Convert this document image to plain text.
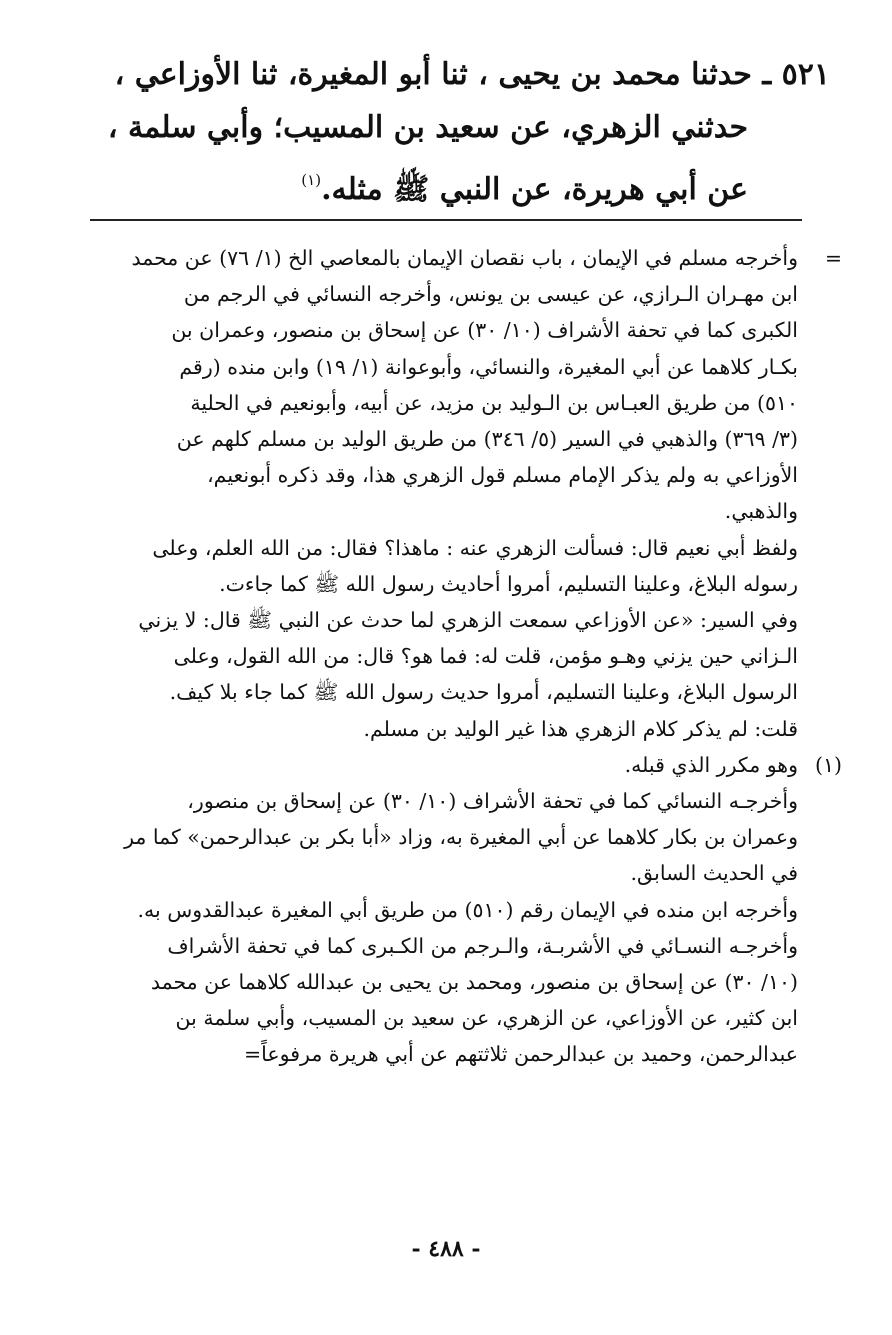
٥٢١ ـ حدثنا محمد بن يحيى ، ثنا أبو المغيرة، ثنا الأوزاعي ،
حدثني الزهري، عن سعيد بن المسيب؛ وأبي سلمة ،
عن أبي هريرة، عن النبي ﷺ مثله.$^{(١)}$
=
وأخرجه مسلم في الإيمان ، باب نقصان الإيمان بالمعاصي الخ (١/ ٧٦) عن محمد
ابن مهـران الـرازي، عن عيسى بن يونس، وأخرجه النسائي في الرجم من
الكبرى كما في تحفة الأشراف (١٠/ ٣٠) عن إسحاق بن منصور، وعمران بن
بكـار كلاهما عن أبي المغيرة، والنسائي، وأبوعوانة (١/ ١٩) وابن منده (رقم
٥١٠) من طريق العبـاس بن الـوليد بن مزيد، عن أبيه، وأبونعيم في الحلية
(٣/ ٣٦٩) والذهبي في السير (٥/ ٣٤٦) من طريق الوليد بن مسلم كلهم عن
الأوزاعي به ولم يذكر الإمام مسلم قول الزهري هذا، وقد ذكره أبونعيم،
والذهبي.
ولفظ أبي نعيم قال: فسألت الزهري عنه : ماهذا؟ فقال: من الله العلم، وعلى
رسوله البلاغ، وعلينا التسليم، أمروا أحاديث رسول الله ﷺ كما جاءت.
وفي السير: «عن الأوزاعي سمعت الزهري لما حدث عن النبي ﷺ قال: لا يزني
الـزاني حين يزني وهـو مؤمن، قلت له: فما هو؟ قال: من الله القول، وعلى
الرسول البلاغ، وعلينا التسليم، أمروا حديث رسول الله ﷺ كما جاء بلا كيف.
قلت: لم يذكر كلام الزهري هذا غير الوليد بن مسلم.
(١)
وهو مكرر الذي قبله.
وأخرجـه النسائي كما في تحفة الأشراف (١٠/ ٣٠) عن إسحاق بن منصور،
وعمران بن بكار كلاهما عن أبي المغيرة به، وزاد «أبا بكر بن عبدالرحمن» كما مر
في الحديث السابق.
وأخرجه ابن منده في الإيمان رقم (٥١٠) من طريق أبي المغيرة عبدالقدوس به.
وأخرجـه النسـائي في الأشربـة، والـرجم من الكـبرى كما في تحفة الأشراف
(١٠/ ٣٠) عن إسحاق بن منصور، ومحمد بن يحيى بن عبدالله كلاهما عن محمد
ابن كثير، عن الأوزاعي، عن الزهري، عن سعيد بن المسيب، وأبي سلمة بن
عبدالرحمن، وحميد بن عبدالرحمن ثلاثتهم عن أبي هريرة مرفوعاً=
- ٤٨٨ -
